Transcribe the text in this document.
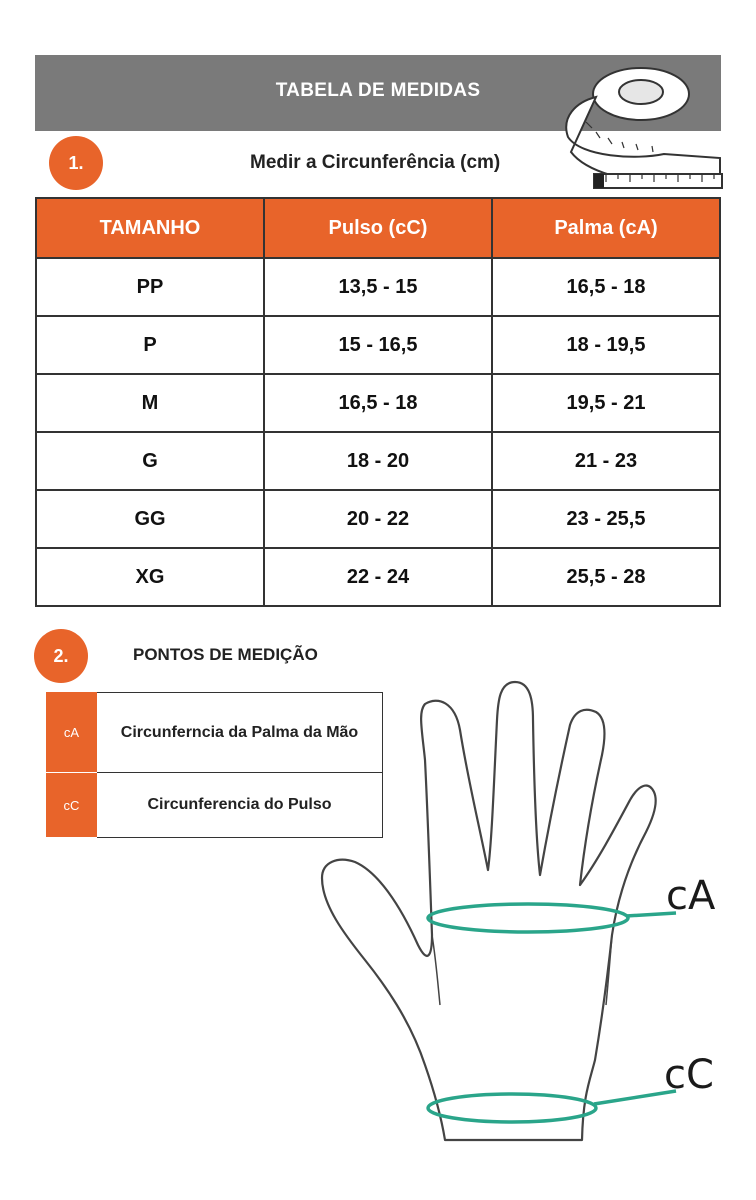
TABELA DE MEDIDAS
1.	Medir a Circunferência (cm)
TAMANHO	Pulso (cC)	Palma (cA)
PP	13,5 - 15	16,5 - 18
P	15 - 16,5	18 - 19,5
M	16,5 - 18	19,5 - 21
G	18 - 20	21 - 23
GG	20 - 22	23 - 25,5
XG	22 - 24	25,5 - 28
2.	PONTOS DE MEDIÇÃO
cA	Circunferncia da Palma da Mão
cC	Circunferencia do Pulso
cA
cC
